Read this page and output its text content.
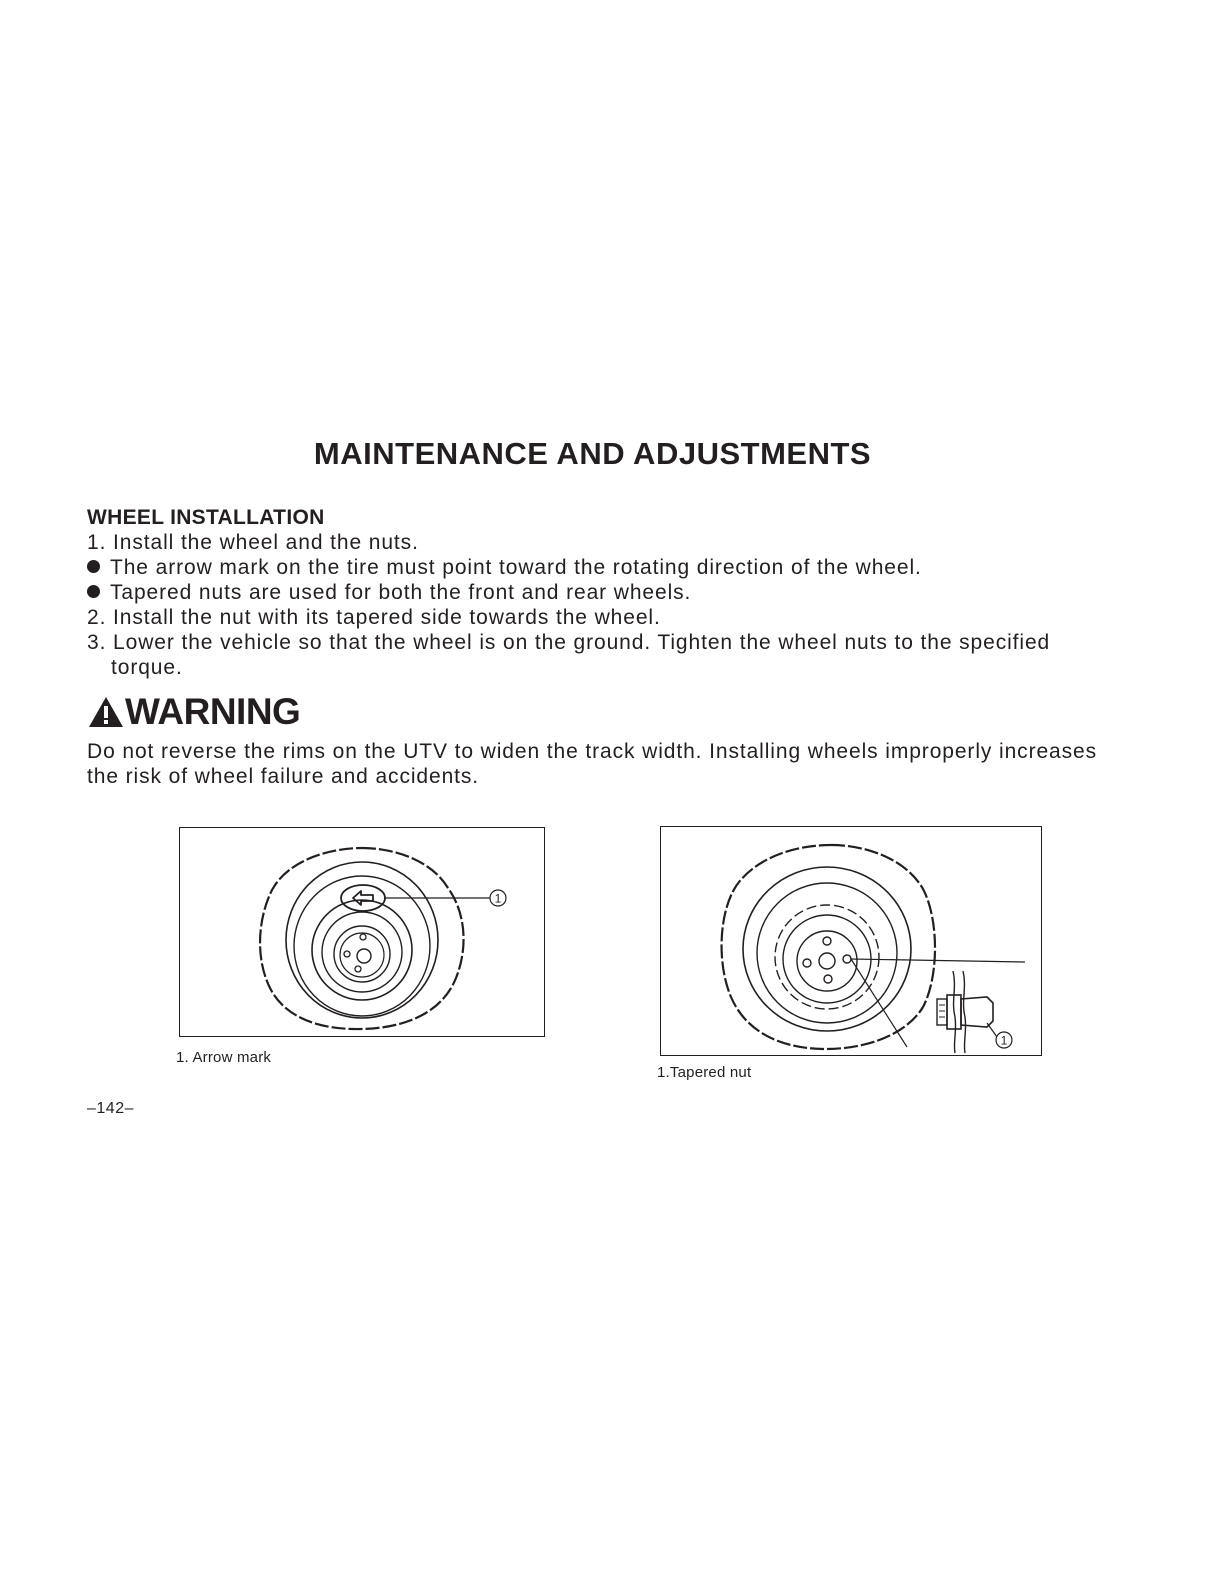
MAINTENANCE AND ADJUSTMENTS

WHEEL INSTALLATION

1. Install the wheel and the nuts.

The arrow mark on the tire must point toward the rotating direction of the wheel.

Tapered nuts are used for both the front and rear wheels.

2. Install the nut with its tapered side towards the wheel.

3. Lower the vehicle so that the wheel is on the ground. Tighten the wheel nuts to the specified

torque.

WARNING

Do not reverse the rims on the UTV to widen the track width. Installing wheels improperly increases

the risk of wheel failure and accidents.

1
1. Arrow mark
1
1.Tapered nut
–142–
